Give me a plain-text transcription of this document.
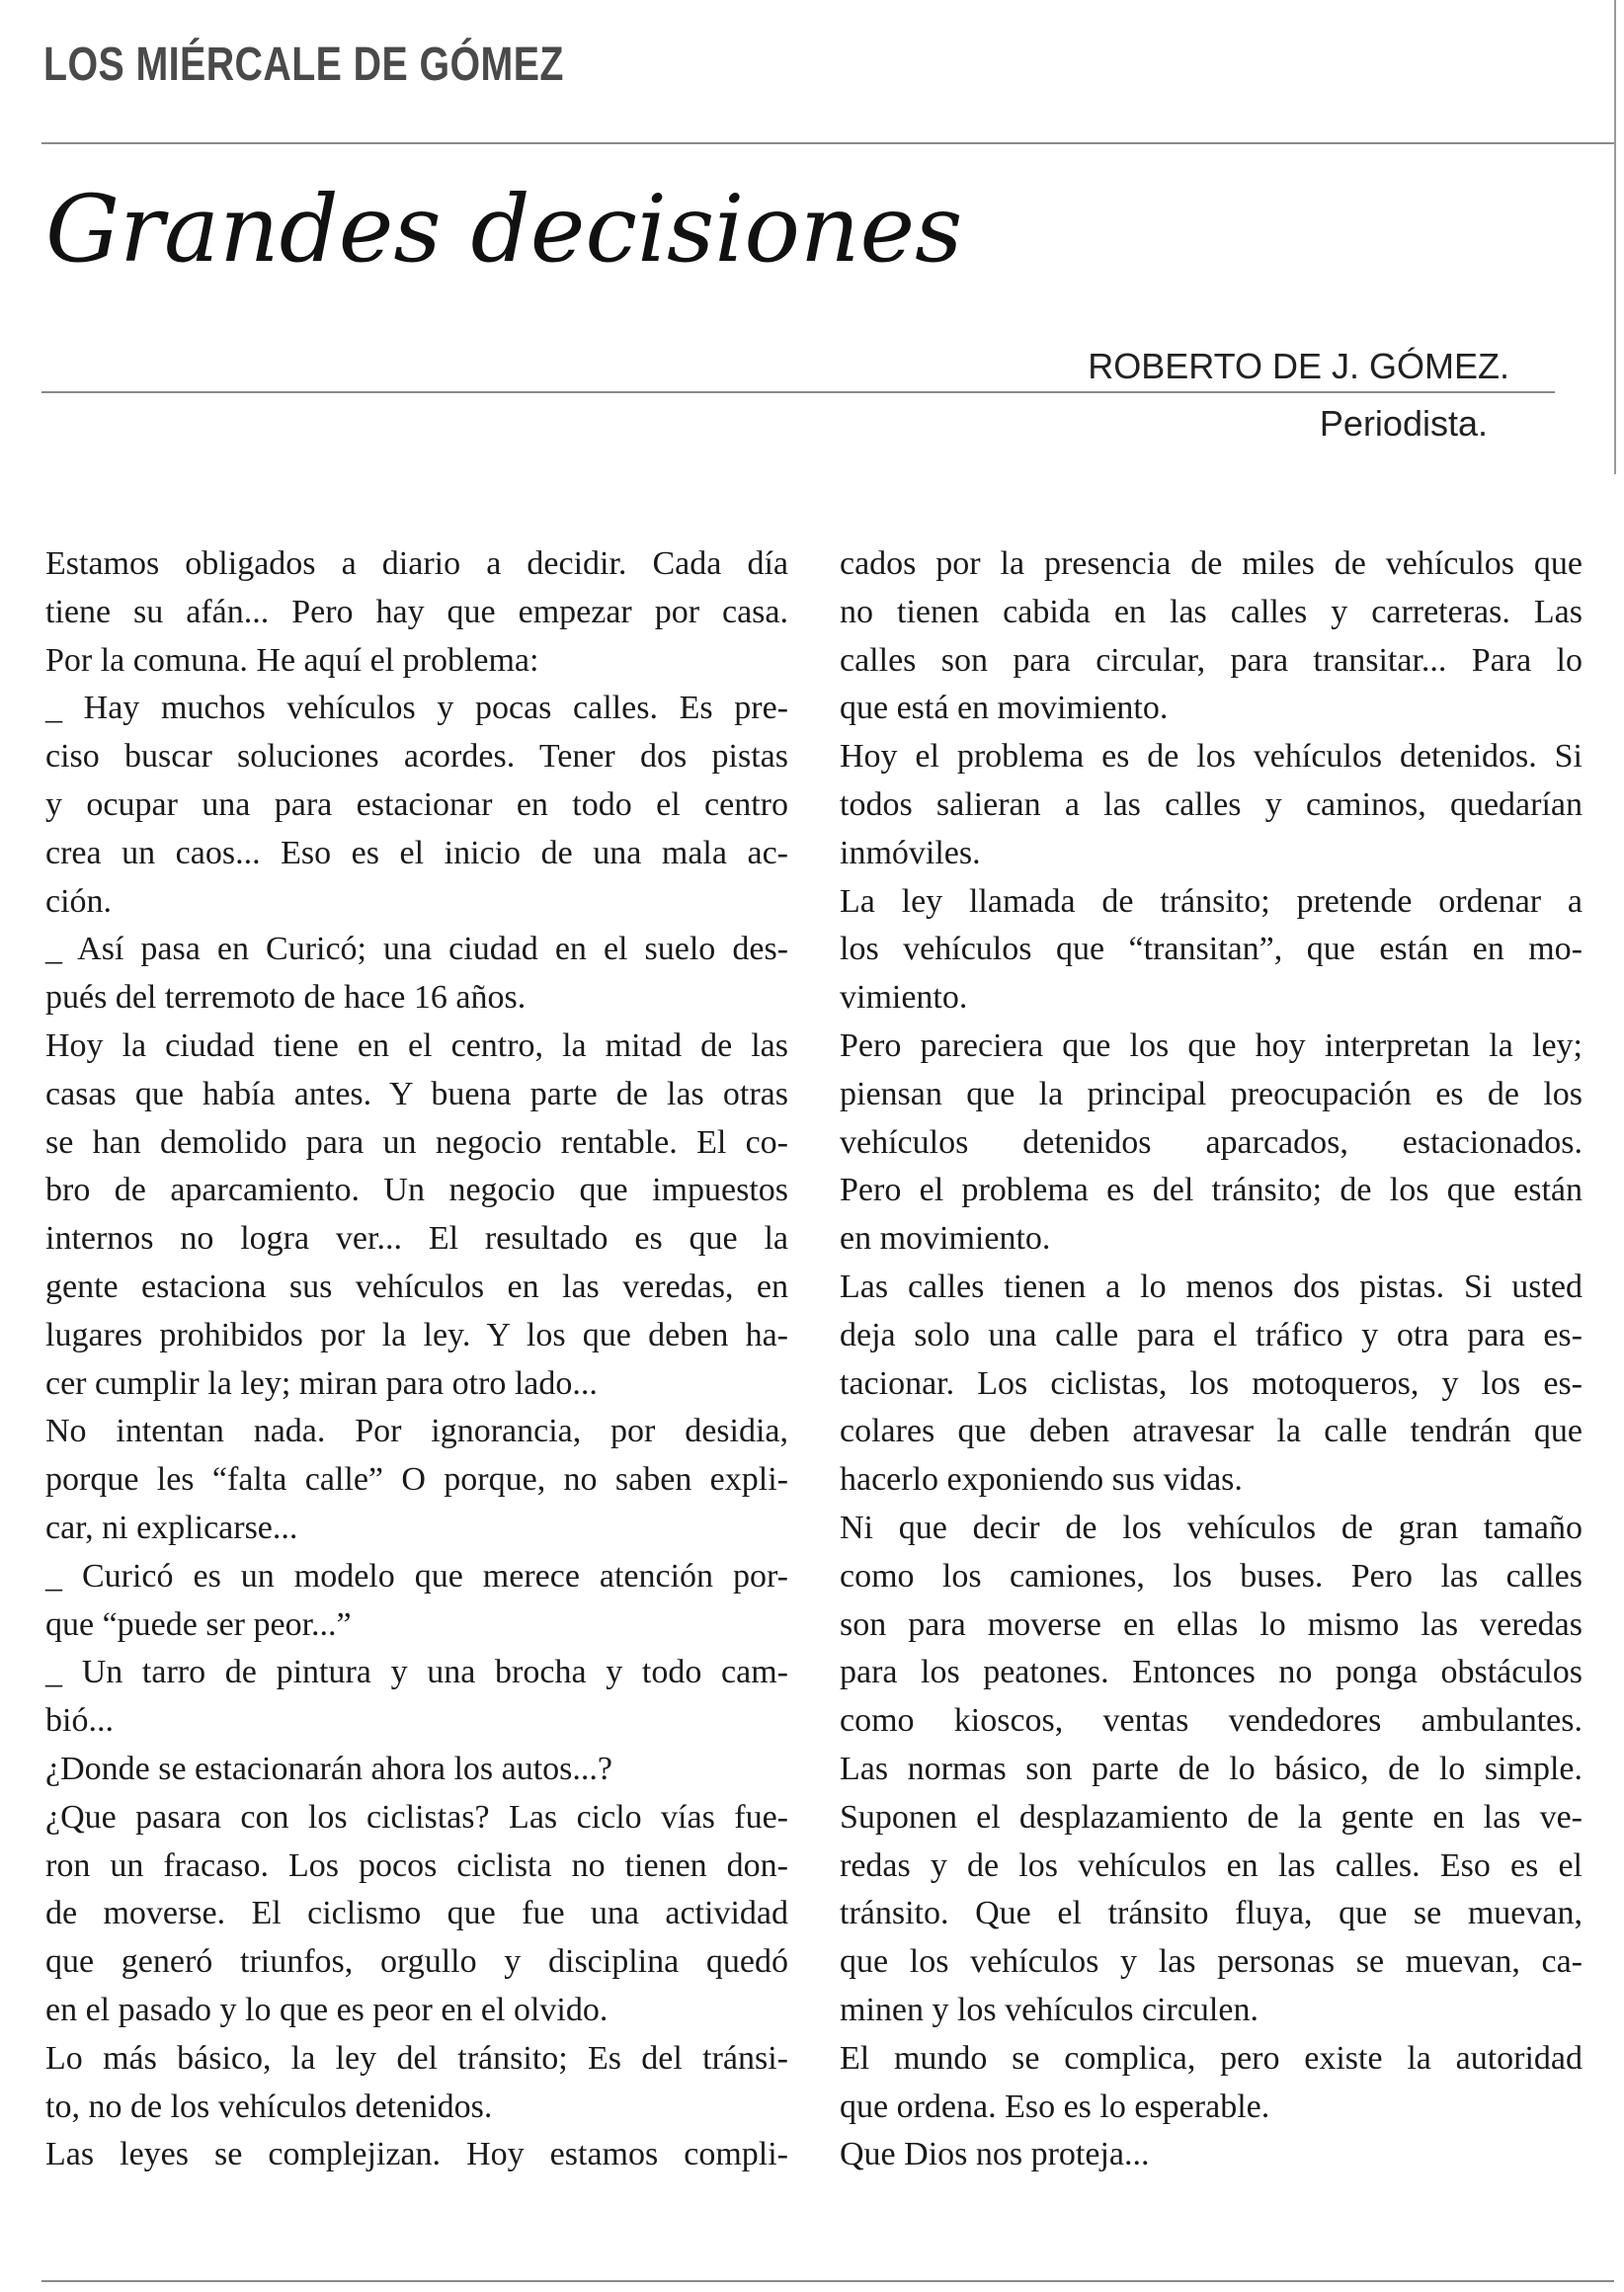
LOS MIÉRCALE DE GÓMEZ
Grandes decisiones
ROBERTO DE J. GÓMEZ.
Periodista.
Estamos obligados a diario a decidir. Cada día
tiene su afán... Pero hay que empezar por casa.
Por la comuna. He aquí el problema:
_ Hay muchos vehículos y pocas calles. Es pre-
ciso buscar soluciones acordes. Tener dos pistas
y ocupar una para estacionar en todo el centro
crea un caos... Eso es el inicio de una mala ac-
ción.
_ Así pasa en Curicó; una ciudad en el suelo des-
pués del terremoto de hace 16 años.
Hoy la ciudad tiene en el centro, la mitad de las
casas que había antes. Y buena parte de las otras
se han demolido para un negocio rentable. El co-
bro de aparcamiento. Un negocio que impuestos
internos no logra ver... El resultado es que la
gente estaciona sus vehículos en las veredas, en
lugares prohibidos por la ley. Y los que deben ha-
cer cumplir la ley; miran para otro lado...
No intentan nada. Por ignorancia, por desidia,
porque les “falta calle” O porque, no saben expli-
car, ni explicarse...
_ Curicó es un modelo que merece atención por-
que “puede ser peor...”
_ Un tarro de pintura y una brocha y todo cam-
bió...
¿Donde se estacionarán ahora los autos...?
¿Que pasara con los ciclistas? Las ciclo vías fue-
ron un fracaso. Los pocos ciclista no tienen don-
de moverse. El ciclismo que fue una actividad
que generó triunfos, orgullo y disciplina quedó
en el pasado y lo que es peor en el olvido.
Lo más básico, la ley del tránsito; Es del tránsi-
to, no de los vehículos detenidos.
Las leyes se complejizan. Hoy estamos compli-
cados por la presencia de miles de vehículos que
no tienen cabida en las calles y carreteras. Las
calles son para circular, para transitar... Para lo
que está en movimiento.
Hoy el problema es de los vehículos detenidos. Si
todos salieran a las calles y caminos, quedarían
inmóviles.
La ley llamada de tránsito; pretende ordenar a
los vehículos que “transitan”, que están en mo-
vimiento.
Pero pareciera que los que hoy interpretan la ley;
piensan que la principal preocupación es de los
vehículos detenidos aparcados, estacionados.
Pero el problema es del tránsito; de los que están
en movimiento.
Las calles tienen a lo menos dos pistas. Si usted
deja solo una calle para el tráfico y otra para es-
tacionar. Los ciclistas, los motoqueros, y los es-
colares que deben atravesar la calle tendrán que
hacerlo exponiendo sus vidas.
Ni que decir de los vehículos de gran tamaño
como los camiones, los buses. Pero las calles
son para moverse en ellas lo mismo las veredas
para los peatones. Entonces no ponga obstáculos
como kioscos, ventas vendedores ambulantes.
Las normas son parte de lo básico, de lo simple.
Suponen el desplazamiento de la gente en las ve-
redas y de los vehículos en las calles. Eso es el
tránsito. Que el tránsito fluya, que se muevan,
que los vehículos y las personas se muevan, ca-
minen y los vehículos circulen.
El mundo se complica, pero existe la autoridad
que ordena. Eso es lo esperable.
Que Dios nos proteja...
